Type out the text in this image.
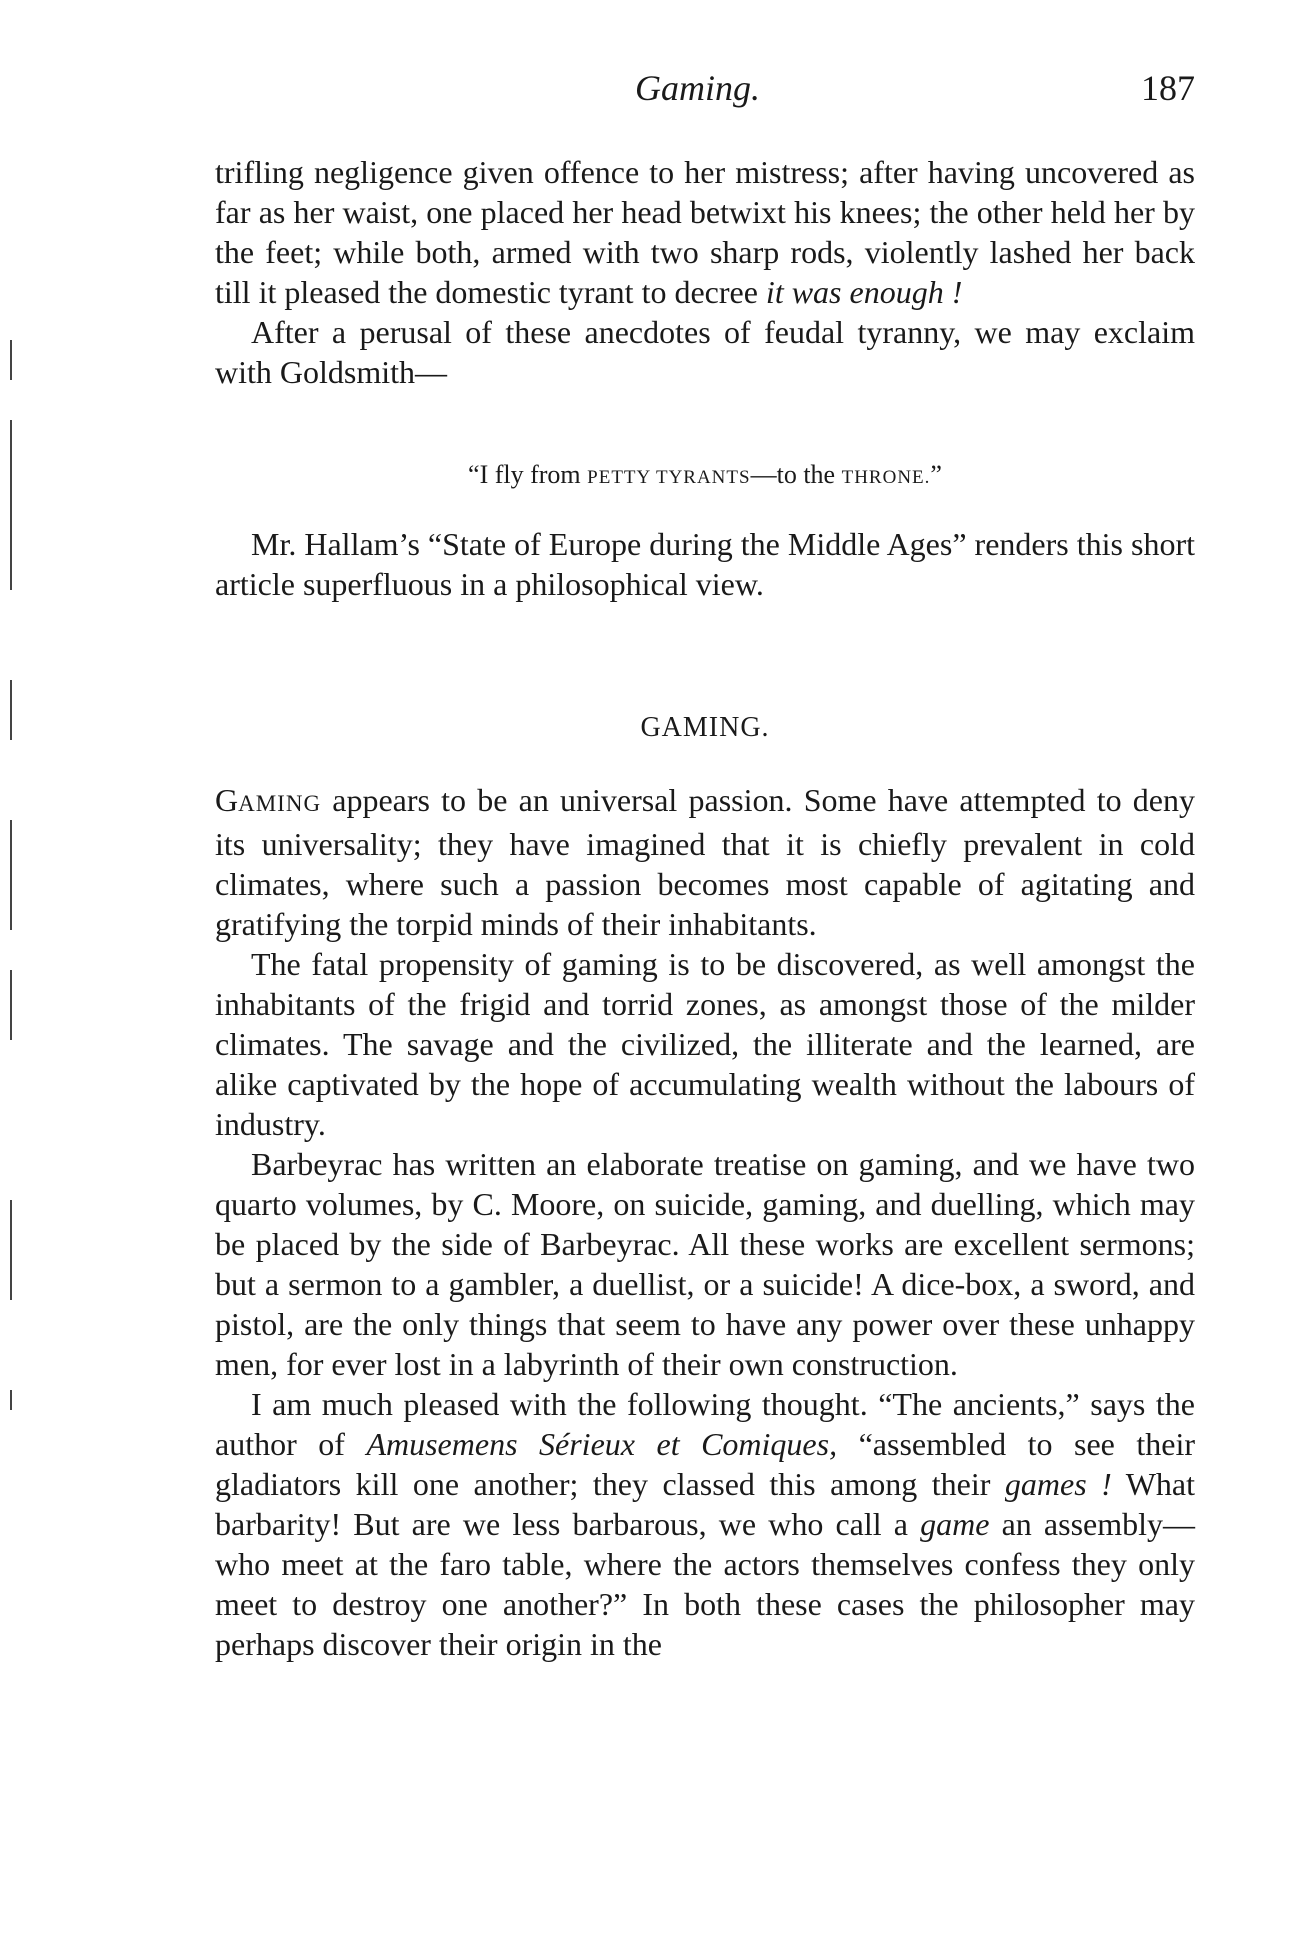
Gaming.	187

trifling negligence given offence to her mistress; after having uncovered as far as her waist, one placed her head betwixt his knees; the other held her by the feet; while both, armed with two sharp rods, violently lashed her back till it pleased the domestic tyrant to decree it was enough !

After a perusal of these anecdotes of feudal tyranny, we may exclaim with Goldsmith—

“I fly from PETTY TYRANTS—to the THRONE.”

Mr. Hallam’s “State of Europe during the Middle Ages” renders this short article superfluous in a philosophical view.

GAMING.

GAMING appears to be an universal passion. Some have attempted to deny its universality; they have imagined that it is chiefly prevalent in cold climates, where such a passion becomes most capable of agitating and gratifying the torpid minds of their inhabitants.

The fatal propensity of gaming is to be discovered, as well amongst the inhabitants of the frigid and torrid zones, as amongst those of the milder climates. The savage and the civilized, the illiterate and the learned, are alike captivated by the hope of accumulating wealth without the labours of industry.

Barbeyrac has written an elaborate treatise on gaming, and we have two quarto volumes, by C. Moore, on suicide, gaming, and duelling, which may be placed by the side of Barbeyrac. All these works are excellent sermons; but a sermon to a gambler, a duellist, or a suicide! A dice-box, a sword, and pistol, are the only things that seem to have any power over these unhappy men, for ever lost in a labyrinth of their own construction.

I am much pleased with the following thought. “The ancients,” says the author of Amusemens Sérieux et Comiques, “assembled to see their gladiators kill one another; they classed this among their games ! What barbarity! But are we less barbarous, we who call a game an assembly—who meet at the faro table, where the actors themselves confess they only meet to destroy one another?” In both these cases the philosopher may perhaps discover their origin in the
